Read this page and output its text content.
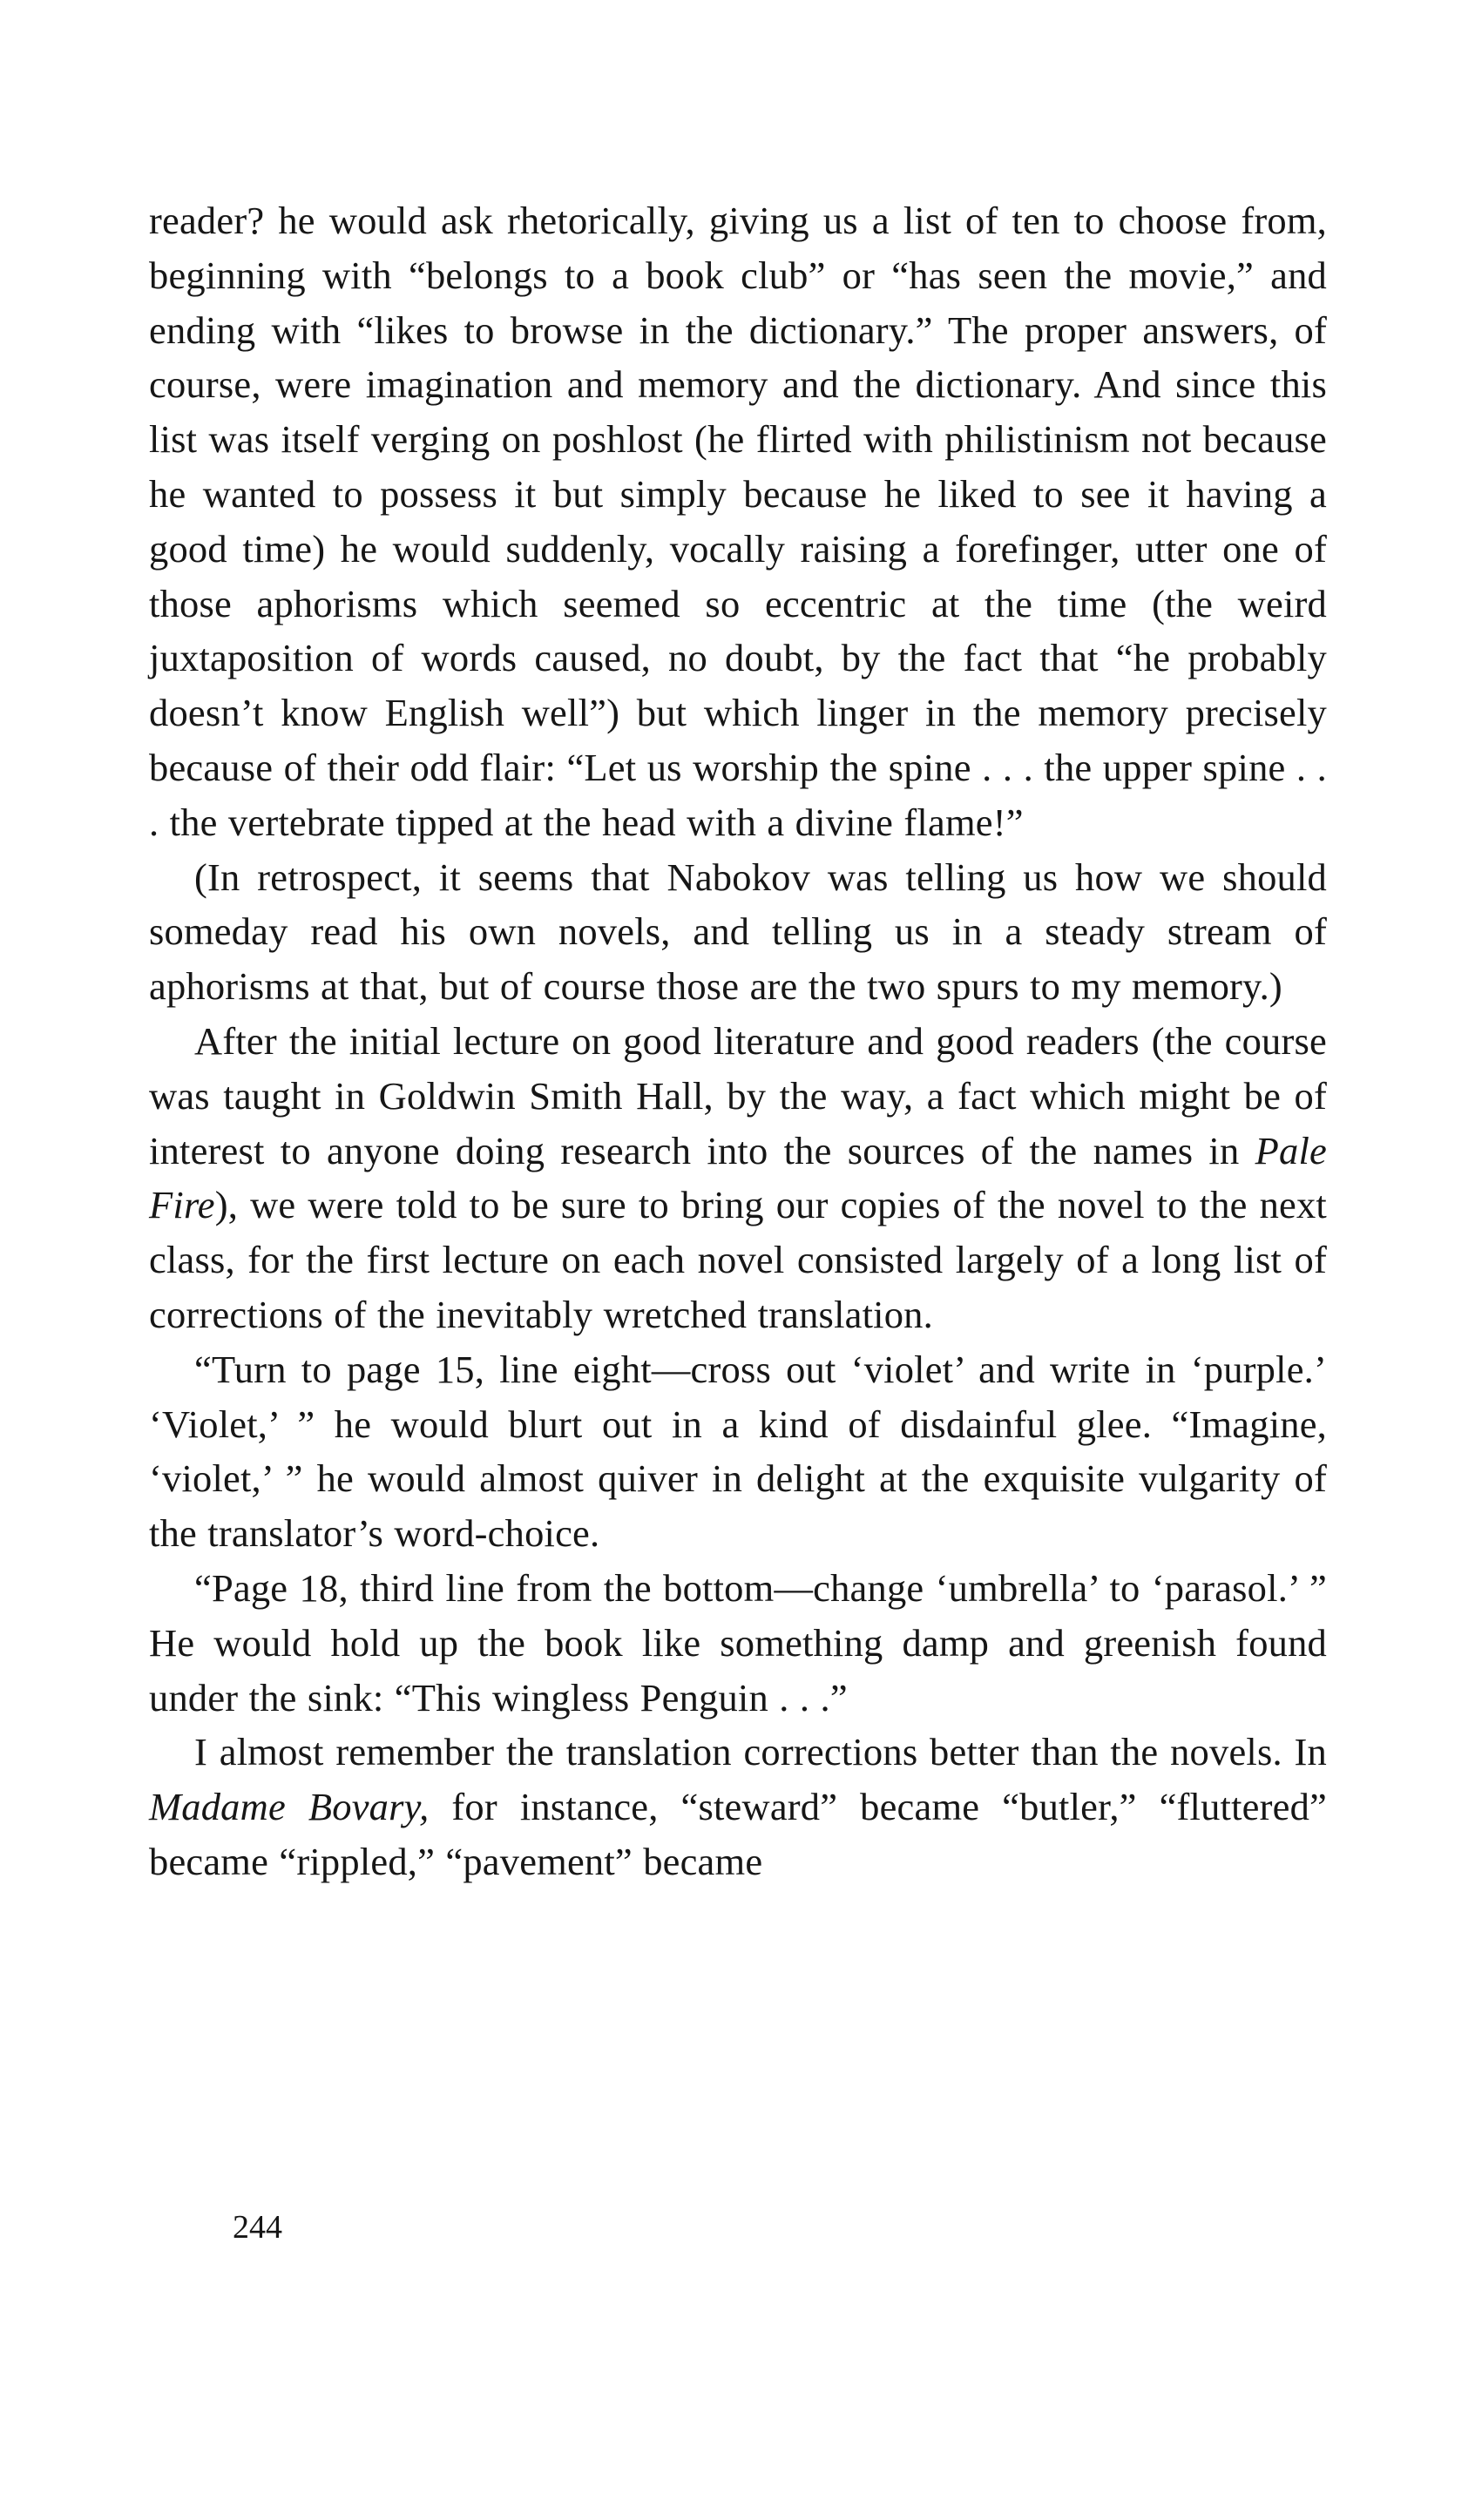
reader? he would ask rhetorically, giving us a list of ten to choose from, beginning with “belongs to a book club” or “has seen the movie,” and ending with “likes to browse in the dictionary.” The proper answers, of course, were imagination and memory and the dictionary. And since this list was itself verging on poshlost (he flirted with philistinism not because he wanted to possess it but simply because he liked to see it having a good time) he would suddenly, vocally raising a forefinger, utter one of those aphorisms which seemed so eccentric at the time (the weird juxtaposition of words caused, no doubt, by the fact that “he probably doesn’t know English well”) but which linger in the memory precisely because of their odd flair: “Let us worship the spine . . . the upper spine . . . the vertebrate tipped at the head with a divine flame!”

(In retrospect, it seems that Nabokov was telling us how we should someday read his own novels, and telling us in a steady stream of aphorisms at that, but of course those are the two spurs to my memory.)

After the initial lecture on good literature and good readers (the course was taught in Goldwin Smith Hall, by the way, a fact which might be of interest to anyone doing research into the sources of the names in Pale Fire), we were told to be sure to bring our copies of the novel to the next class, for the first lecture on each novel consisted largely of a long list of corrections of the inevitably wretched translation.

“Turn to page 15, line eight—cross out ‘violet’ and write in ‘purple.’ ‘Violet,’ ” he would blurt out in a kind of disdainful glee. “Imagine, ‘violet,’ ” he would almost quiver in delight at the exquisite vulgarity of the translator’s word-choice.

“Page 18, third line from the bottom—change ‘umbrella’ to ‘parasol.’ ” He would hold up the book like something damp and greenish found under the sink: “This wingless Penguin . . .”

I almost remember the translation corrections better than the novels. In Madame Bovary, for instance, “steward” became “butler,” “fluttered” became “rippled,” “pavement” became

244
